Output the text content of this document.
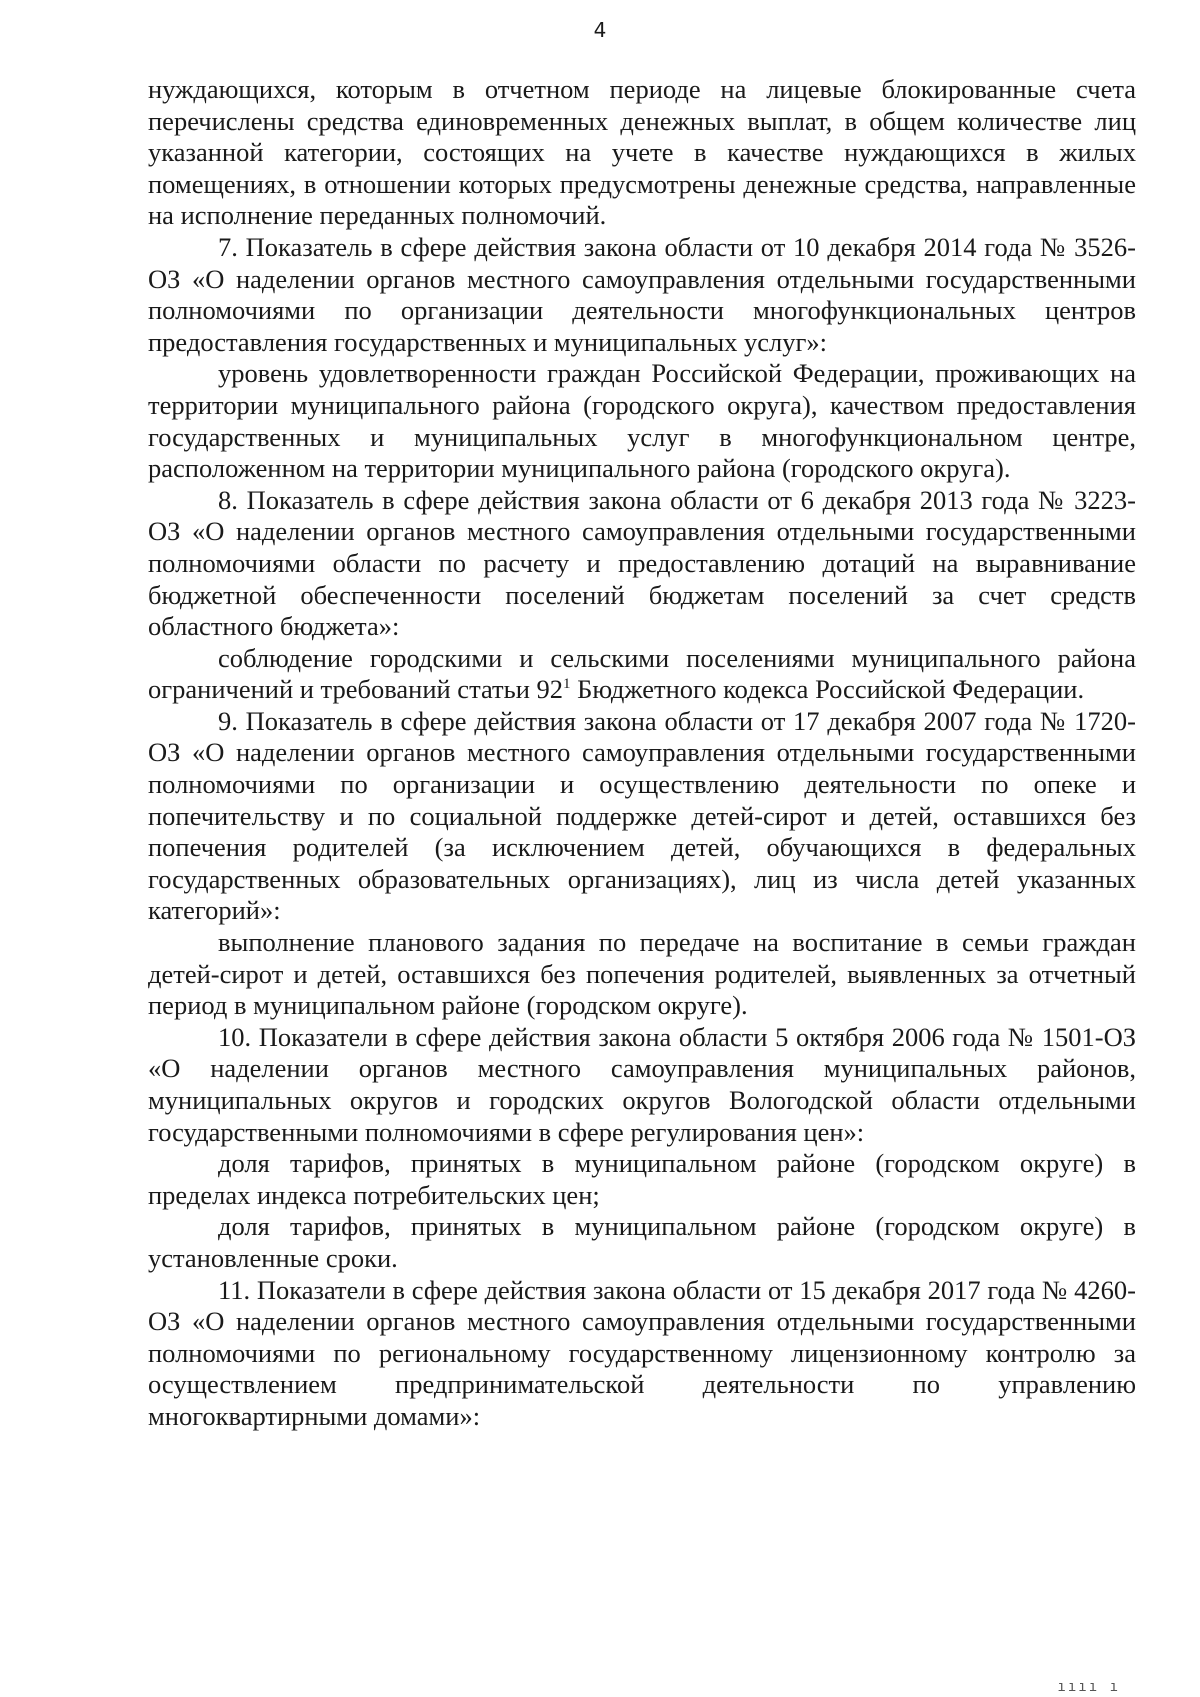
4

нуждающихся, которым в отчетном периоде на лицевые блокированные счета перечислены средства единовременных денежных выплат, в общем количестве лиц указанной категории, состоящих на учете в качестве нуждающихся в жилых помещениях, в отношении которых предусмотрены денежные средства, направленные на исполнение переданных полномочий.

7. Показатель в сфере действия закона области от 10 декабря 2014 года № 3526-ОЗ «О наделении органов местного самоуправления отдельными государственными полномочиями по организации деятельности многофункциональных центров предоставления государственных и муниципальных услуг»:

уровень удовлетворенности граждан Российской Федерации, проживающих на территории муниципального района (городского округа), качеством предоставления государственных и муниципальных услуг в многофункциональном центре, расположенном на территории муниципального района (городского округа).

8. Показатель в сфере действия закона области от 6 декабря 2013 года № 3223-ОЗ «О наделении органов местного самоуправления отдельными государственными полномочиями области по расчету и предоставлению дотаций на выравнивание бюджетной обеспеченности поселений бюджетам поселений за счет средств областного бюджета»:

соблюдение городскими и сельскими поселениями муниципального района ограничений и требований статьи $92^1$ Бюджетного кодекса Российской Федерации.

9. Показатель в сфере действия закона области от 17 декабря 2007 года № 1720-ОЗ «О наделении органов местного самоуправления отдельными государственными полномочиями по организации и осуществлению деятельности по опеке и попечительству и по социальной поддержке детей-сирот и детей, оставшихся без попечения родителей (за исключением детей, обучающихся в федеральных государственных образовательных организациях), лиц из числа детей указанных категорий»:

выполнение планового задания по передаче на воспитание в семьи граждан детей-сирот и детей, оставшихся без попечения родителей, выявленных за отчетный период в муниципальном районе (городском округе).

10. Показатели в сфере действия закона области 5 октября 2006 года № 1501-ОЗ «О наделении органов местного самоуправления муниципальных районов, муниципальных округов и городских округов Вологодской области отдельными государственными полномочиями в сфере регулирования цен»:

доля тарифов, принятых в муниципальном районе (городском округе) в пределах индекса потребительских цен;

доля тарифов, принятых в муниципальном районе (городском округе) в установленные сроки.

11. Показатели в сфере действия закона области от 15 декабря 2017 года № 4260-ОЗ «О наделении органов местного самоуправления отдельными государственными полномочиями по региональному государственному лицензионному контролю за осуществлением предпринимательской деятельности по управлению многоквартирными домами»:

ıııı ı
